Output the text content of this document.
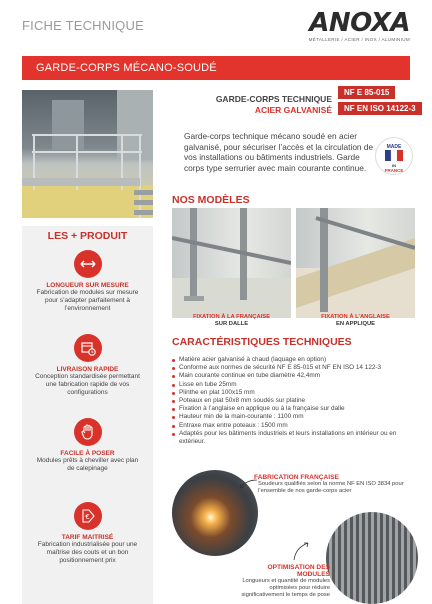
FICHE TECHNIQUE	ANOXA
MÉTALLERIE / ACIER / INOX / ALUMINIUM
GARDE-CORPS MÉCANO-SOUDÉ
GARDE-CORPS TECHNIQUE
ACIER GALVANISÉ
NF E 85-015
NF EN ISO 14122-3
Garde-corps technique mécano soudé en acier galvanisé, pour sécuriser l’accès et la circulation de vos installations ou bâtiments industriels. Garde corps type serrurier avec main courante continue.
MADE
IN
FRANCE
NOS MODÈLES
FIXATION À LA FRANÇAISE
SUR DALLE
FIXATION À L’ANGLAISE
EN APPLIQUE
LES + PRODUIT
LONGUEUR SUR MESURE
Fabrication de modules sur mesure pour s’adapter parfaitement à l’environnement
LIVRAISON RAPIDE
Conception standardisée permettant une fabrication rapide de vos configurations
FACILE À POSER
Modules prêts à cheviller avec plan de calepinage
€
TARIF MAITRISÉ
Fabrication industrialisée pour une maîtrise des couts et un bon positionnement prix
CARACTÉRISTIQUES TECHNIQUES
Matière acier galvanisé à chaud (laquage en option)
Conforme aux normes de sécurité NF E 85-015 et NF EN ISO 14 122-3
Main courante continue en tube diamètre 42,4mm
Lisse en tube 25mm
Plinthe en plat 100x15 mm
Poteaux en plat 50x8 mm soudés sur platine
Fixation à l’anglaise en applique ou à la française sur dalle
Hauteur min de la main-courante : 1100 mm
Entraxe max entre poteaux : 1500 mm
Adaptés pour les bâtiments industriels et leurs installations en intérieur ou en extérieur.
FABRICATION FRANÇAISE
Soudeurs qualifiés selon la norme NF EN ISO 3834 pour l’ensemble de nos garde-corps acier
OPTIMISATION DES MODULES
Longueurs et quantité de modules optimisées pour réduire significativement le temps de pose
